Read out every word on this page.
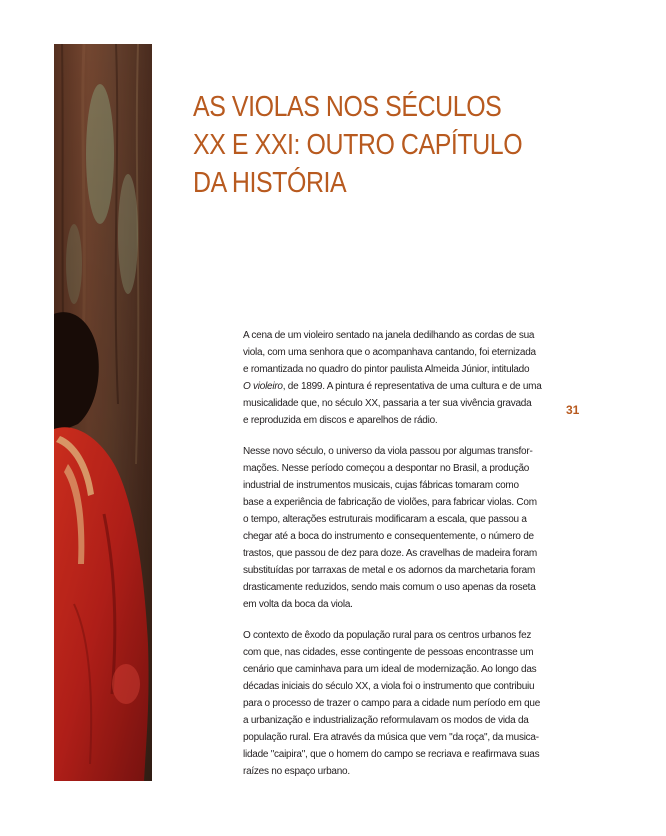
AS VIOLAS NOS SÉCULOS
XX E XXI: OUTRO CAPÍTULO
DA HISTÓRIA
31

A cena de um violeiro sentado na janela dedilhando as cordas de sua
viola, com uma senhora que o acompanhava cantando, foi eternizada
e romantizada no quadro do pintor paulista Almeida Júnior, intitulado
O violeiro, de 1899. A pintura é representativa de uma cultura e de uma
musicalidade que, no século XX, passaria a ter sua vivência gravada
e reproduzida em discos e aparelhos de rádio.

Nesse novo século, o universo da viola passou por algumas transfor-
mações. Nesse período começou a despontar no Brasil, a produção
industrial de instrumentos musicais, cujas fábricas tomaram como
base a experiência de fabricação de violões, para fabricar violas. Com
o tempo, alterações estruturais modificaram a escala, que passou a
chegar até a boca do instrumento e consequentemente, o número de
trastos, que passou de dez para doze. As cravelhas de madeira foram
substituídas por tarraxas de metal e os adornos da marchetaria foram
drasticamente reduzidos, sendo mais comum o uso apenas da roseta
em volta da boca da viola.

O contexto de êxodo da população rural para os centros urbanos fez
com que, nas cidades, esse contingente de pessoas encontrasse um
cenário que caminhava para um ideal de modernização. Ao longo das
décadas iniciais do século XX, a viola foi o instrumento que contribuiu
para o processo de trazer o campo para a cidade num período em que
a urbanização e industrialização reformulavam os modos de vida da
população rural. Era através da música que vem "da roça", da musica-
lidade "caipira", que o homem do campo se recriava e reafirmava suas
raízes no espaço urbano.
